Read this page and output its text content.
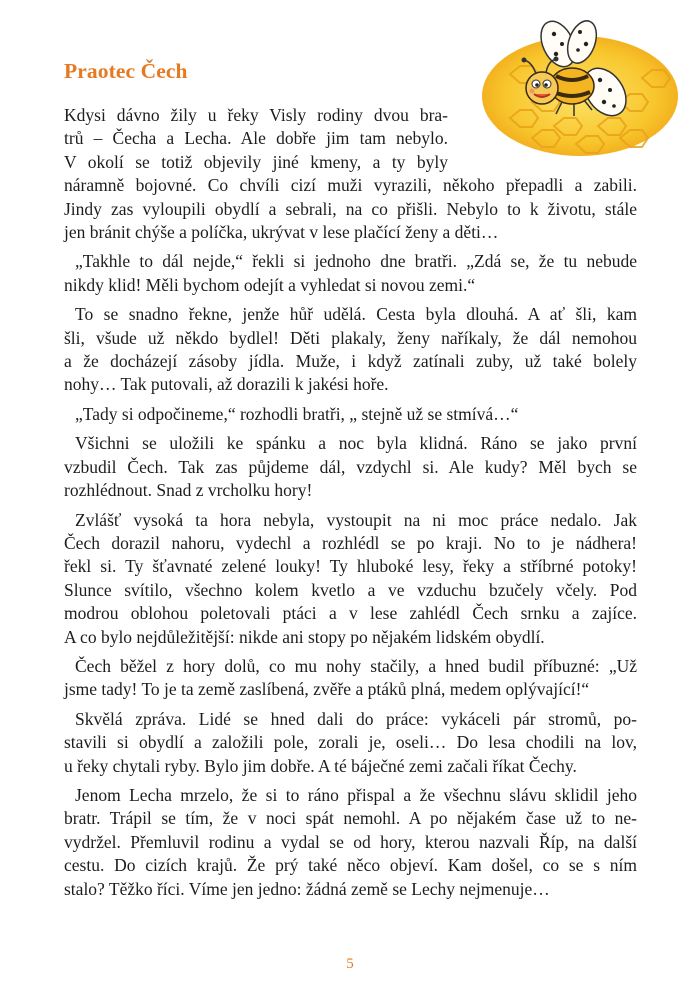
Praotec Čech

Kdysi dávno žily u řeky Visly rodiny dvou bra-
trů – Čecha a Lecha. Ale dobře jim tam nebylo.
V okolí se totiž objevily jiné kmeny, a ty byly
náramně bojovné. Co chvíli cizí muži vyrazili, někoho přepadli a zabili.
Jindy zas vyloupili obydlí a sebrali, na co přišli. Nebylo to k životu, stále
jen bránit chýše a políčka, ukrývat v lese plačící ženy a děti…

„Takhle to dál nejde,“ řekli si jednoho dne bratři. „Zdá se, že tu nebude
nikdy klid! Měli bychom odejít a vyhledat si novou zemi.“

To se snadno řekne, jenže hůř udělá. Cesta byla dlouhá. A ať šli, kam
šli, všude už někdo bydlel! Děti plakaly, ženy naříkaly, že dál nemohou
a že docházejí zásoby jídla. Muže, i když zatínali zuby, už také bolely
nohy… Tak putovali, až dorazili k jakési hoře.

„Tady si odpočineme,“ rozhodli bratři, „ stejně už se stmívá…“

Všichni se uložili ke spánku a noc byla klidná. Ráno se jako první
vzbudil Čech. Tak zas půjdeme dál, vzdychl si. Ale kudy? Měl bych se
rozhlédnout. Snad z vrcholku hory!

Zvlášť vysoká ta hora nebyla, vystoupit na ni moc práce nedalo. Jak
Čech dorazil nahoru, vydechl a rozhlédl se po kraji. No to je nádhera!
řekl si. Ty šťavnaté zelené louky! Ty hluboké lesy, řeky a stříbrné potoky!
Slunce svítilo, všechno kolem kvetlo a ve vzduchu bzučely včely. Pod
modrou oblohou poletovali ptáci a v lese zahlédl Čech srnku a zajíce.
A co bylo nejdůležitější: nikde ani stopy po nějakém lidském obydlí.

Čech běžel z hory dolů, co mu nohy stačily, a hned budil příbuzné: „Už
jsme tady! To je ta země zaslíbená, zvěře a ptáků plná, medem oplývající!“

Skvělá zpráva. Lidé se hned dali do práce: vykáceli pár stromů, po-
stavili si obydlí a založili pole, zorali je, oseli… Do lesa chodili na lov,
u řeky chytali ryby. Bylo jim dobře. A té báječné zemi začali říkat Čechy.

Jenom Lecha mrzelo, že si to ráno přispal a že všechnu slávu sklidil jeho
bratr. Trápil se tím, že v noci spát nemohl. A po nějakém čase už to ne-
vydržel. Přemluvil rodinu a vydal se od hory, kterou nazvali Říp, na další
cestu. Do cizích krajů. Že prý také něco objeví. Kam došel, co se s ním
stalo? Těžko říci. Víme jen jedno: žádná země se Lechy nejmenuje…

5
